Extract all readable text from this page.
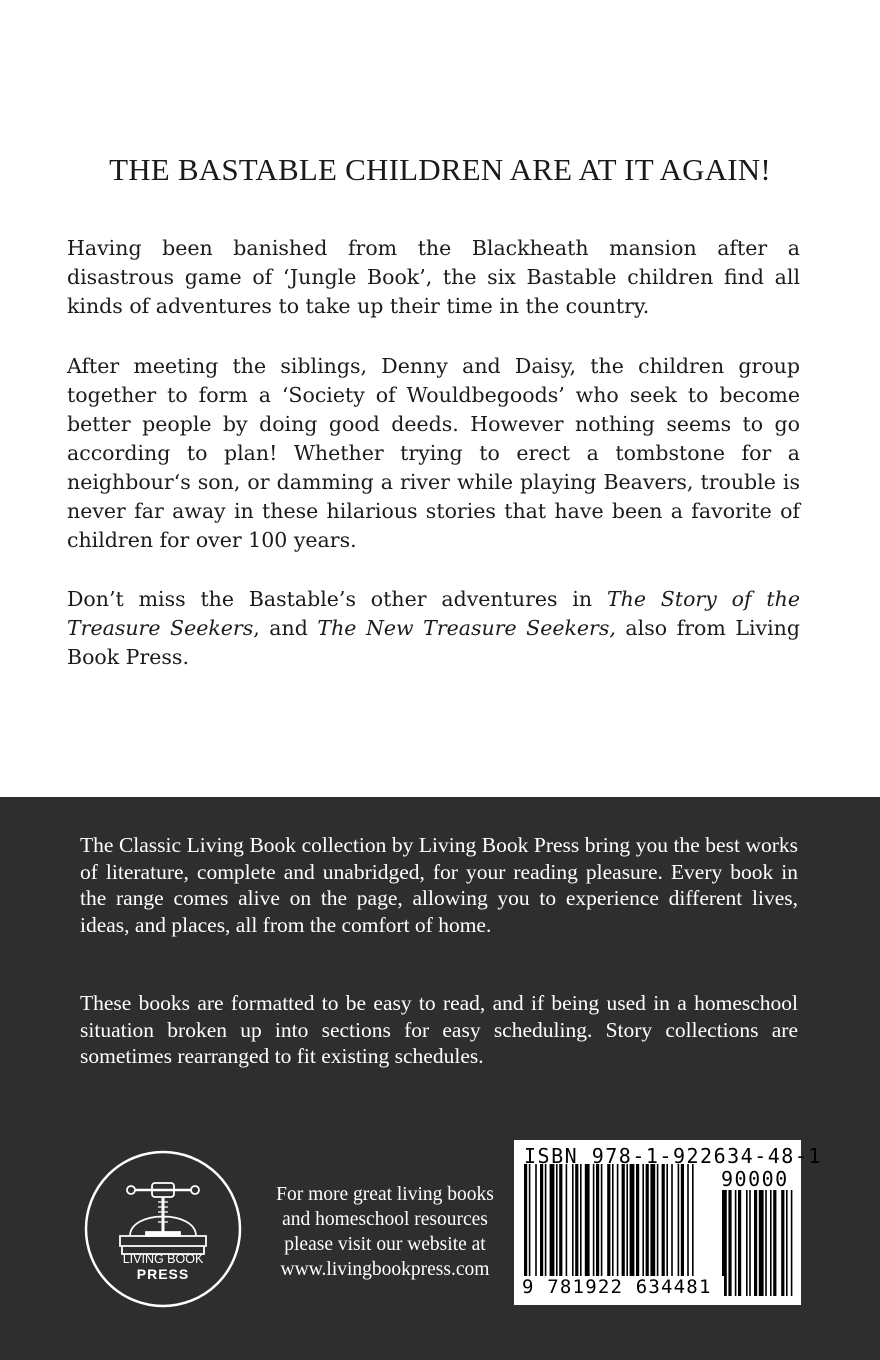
THE BASTABLE CHILDREN ARE AT IT AGAIN!

Having been banished from the Blackheath mansion after a disastrous game of ‘Jungle Book’, the six Bastable children find all kinds of adventures to take up their time in the country.

After meeting the siblings, Denny and Daisy, the children group together to form a ‘Society of Wouldbegoods’ who seek to become better people by doing good deeds. However nothing seems to go according to plan! Whether trying to erect a tombstone for a neighbour‘s son, or damming a river while playing Beavers, trouble is never far away in these hilarious stories that have been a favorite of children for over 100 years.

Don’t miss the Bastable’s other adventures in The Story of the Treasure Seekers, and The New Treasure Seekers, also from Living Book Press.

The Classic Living Book collection by Living Book Press bring you the best works of literature, complete and unabridged, for your reading pleasure. Every book in the range comes alive on the page, allowing you to experience different lives, ideas, and places, all from the comfort of home.

These books are formatted to be easy to read, and if being used in a homeschool situation broken up into sections for easy scheduling. Story collections are sometimes rearranged to fit existing schedules.

LIVING BOOK
PRESS
For more great living books
and homeschool resources
please visit our website at
www.livingbookpress.com
ISBN 978-1-922634-48-1
90000
9 781922 634481
